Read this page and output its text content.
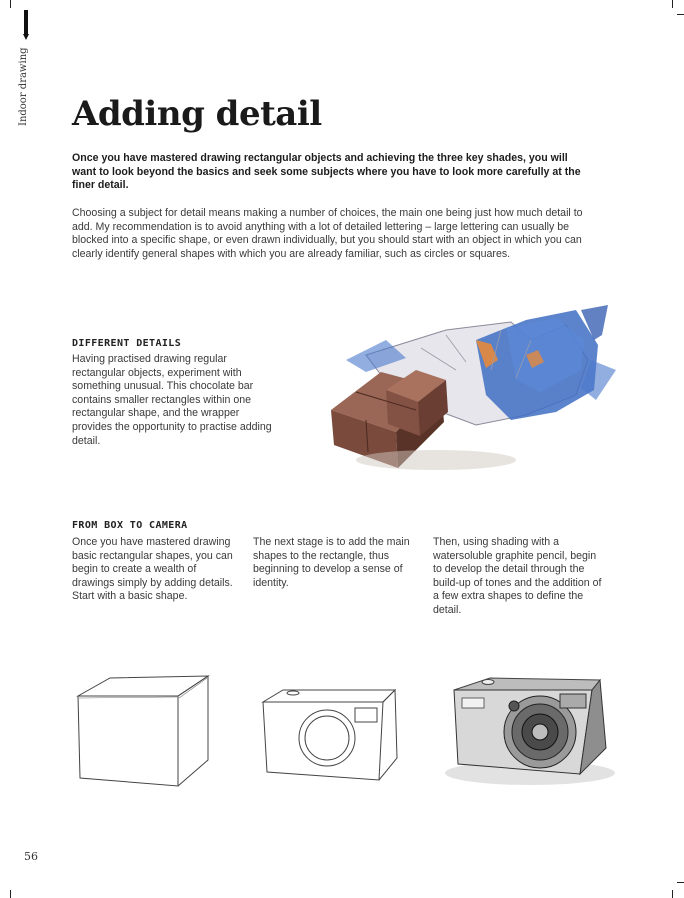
Indoor drawing Adding detail

Once you have mastered drawing rectangular objects and achieving the three key shades, you will want to look beyond the basics and seek some subjects where you have to look more carefully at the finer detail.

Choosing a subject for detail means making a number of choices, the main one being just how much detail to add. My recommendation is to avoid anything with a lot of detailed lettering – large lettering can usually be blocked into a specific shape, or even drawn individually, but you should start with an object in which you can clearly identify general shapes with which you are already familiar, such as circles or squares.

DIFFERENT DETAILS

Having practised drawing regular rectangular objects, experiment with something unusual. This chocolate bar contains smaller rectangles within one rectangular shape, and the wrapper provides the opportunity to practise adding detail.

FROM BOX TO CAMERA

Once you have mastered drawing basic rectangular shapes, you can begin to create a wealth of drawings simply by adding details. Start with a basic shape.

The next stage is to add the main shapes to the rectangle, thus beginning to develop a sense of identity.

Then, using shading with a watersoluble graphite pencil, begin to develop the detail through the build-up of tones and the addition of a few extra shapes to define the detail.

56
